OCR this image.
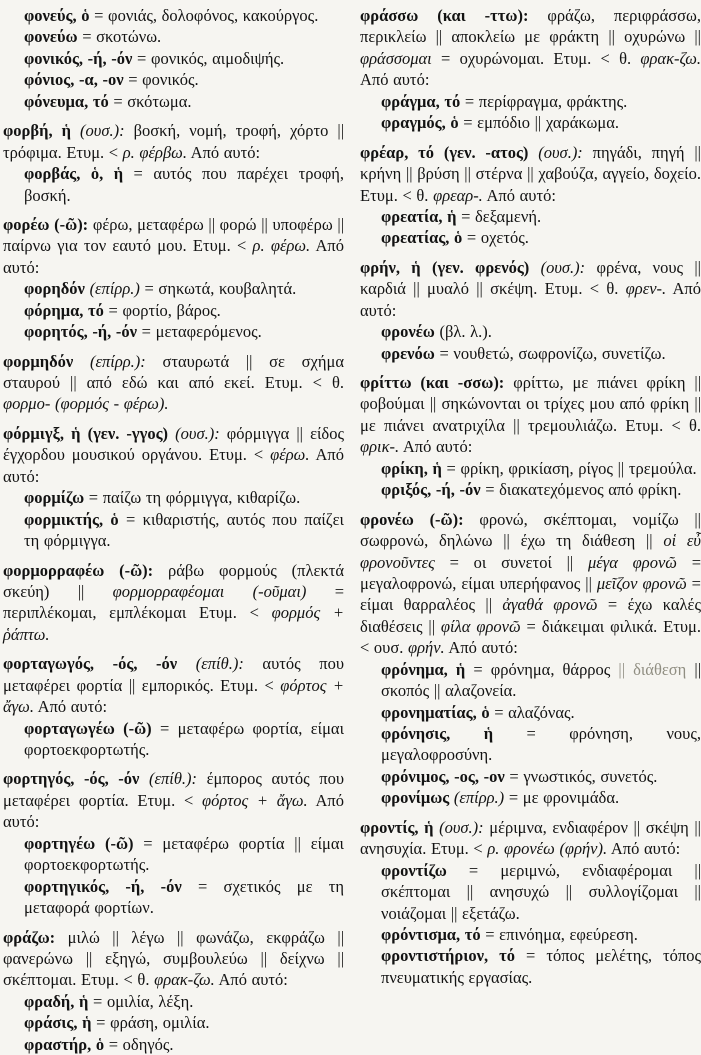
φονεύς, ὁ = φονιάς, δολοφόνος, κακούργος.

φονεύω = σκοτώνω.

φονικός, -ή, -όν = φονικός, αιμοδιψής.

φόνιος, -α, -ον = φονικός.

φόνευμα, τό = σκότωμα.

φορβή, ἡ (ουσ.): βοσκή, νομή, τροφή, χόρτο || τρόφιμα. Ετυμ. < ρ. φέρβω. Από αυτό:

φορβάς, ὁ, ἡ = αυτός που παρέχει τροφή, βοσκή.

φορέω (-ῶ): φέρω, μεταφέρω || φορώ || υποφέρω || παίρνω για τον εαυτό μου. Ετυμ. < ρ. φέρω. Από αυτό:

φορηδόν (επίρρ.) = σηκωτά, κουβαλητά.

φόρημα, τό = φορτίο, βάρος.

φορητός, -ή, -όν = μεταφερόμενος.

φορμηδόν (επίρρ.): σταυρωτά || σε σχήμα σταυρού || από εδώ και από εκεί. Ετυμ. < θ. φορμο- (φορμός - φέρω).

φόρμιγξ, ἡ (γεν. -γγος) (ουσ.): φόρμιγγα || είδος έγχορδου μουσικού οργάνου. Ετυμ. < φέρω. Από αυτό:

φορμίζω = παίζω τη φόρμιγγα, κιθαρίζω.

φορμικτής, ὁ = κιθαριστής, αυτός που παίζει τη φόρμιγγα.

φορμορραφέω (-ῶ): ράβω φορμούς (πλεκτά σκεύη) || φορμορραφέομαι (-οῦμαι) = περιπλέκομαι, εμπλέκομαι Ετυμ. < φορμός + ῥάπτω.

φορταγωγός, -ός, -όν (επίθ.): αυτός που μεταφέρει φορτία || εμπορικός. Ετυμ. < φόρτος + ἄγω. Από αυτό:

φορταγωγέω (-ῶ) = μεταφέρω φορτία, είμαι φορτοεκφορτωτής.

φορτηγός, -ός, -όν (επίθ.): έμπορος αυτός που μεταφέρει φορτία. Ετυμ. < φόρτος + ἄγω. Από αυτό:

φορτηγέω (-ῶ) = μεταφέρω φορτία || είμαι φορτοεκφορτωτής.

φορτηγικός, -ή, -όν = σχετικός με τη μεταφορά φορτίων.

φράζω: μιλώ || λέγω || φωνάζω, εκφράζω || φανερώνω || εξηγώ, συμβουλεύω || δείχνω || σκέπτομαι. Ετυμ. < θ. φρακ-ζω. Από αυτό:

φραδή, ἡ = ομιλία, λέξη.

φράσις, ἡ = φράση, ομιλία.

φραστήρ, ὁ = οδηγός.

φράσσω (και -ττω): φράζω, περιφράσσω, περικλείω || αποκλείω με φράκτη || οχυρώνω || φράσσομαι = οχυρώνομαι. Ετυμ. < θ. φρακ-ζω. Από αυτό:

φράγμα, τό = περίφραγμα, φράκτης.

φραγμός, ὁ = εμπόδιο || χαράκωμα.

φρέαρ, τό (γεν. -ατος) (ουσ.): πηγάδι, πηγή || κρήνη || βρύση || στέρνα || χαβούζα, αγγείο, δοχείο. Ετυμ. < θ. φρεαρ-. Από αυτό:

φρεατία, ἡ = δεξαμενή.

φρεατίας, ὁ = οχετός.

φρήν, ἡ (γεν. φρενός) (ουσ.): φρένα, νους || καρδιά || μυαλό || σκέψη. Ετυμ. < θ. φρεν-. Από αυτό:

φρονέω (βλ. λ.).

φρενόω = νουθετώ, σωφρονίζω, συνετίζω.

φρίττω (και -σσω): φρίττω, με πιάνει φρίκη || φοβούμαι || σηκώνονται οι τρίχες μου από φρίκη || με πιάνει ανατριχίλα || τρεμουλιάζω. Ετυμ. < θ. φρικ-. Από αυτό:

φρίκη, ἡ = φρίκη, φρικίαση, ρίγος || τρεμούλα.

φριξός, -ή, -όν = διακατεχόμενος από φρίκη.

φρονέω (-ῶ): φρονώ, σκέπτομαι, νομίζω || σωφρονώ, δηλώνω || έχω τη διάθεση || οἱ εὖ φρονοῦντες = οι συνετοί || μέγα φρονῶ = μεγαλοφρονώ, είμαι υπερήφανος || μεῖζον φρονῶ = είμαι θαρραλέος || ἀγαθά φρονῶ = έχω καλές διαθέσεις || φίλα φρονῶ = διάκειμαι φιλικά. Ετυμ. < ουσ. φρήν. Από αυτό:

φρόνημα, ἡ = φρόνημα, θάρρος || διάθεση || σκοπός || αλαζονεία.

φρονηματίας, ὁ = αλαζόνας.

φρόνησις, ἡ = φρόνηση, νους, μεγαλοφροσύνη.

φρόνιμος, -ος, -ον = γνωστικός, συνετός.

φρονίμως (επίρρ.) = με φρονιμάδα.

φροντίς, ἡ (ουσ.): μέριμνα, ενδιαφέρον || σκέψη || ανησυχία. Ετυμ. < ρ. φρονέω (φρήν). Από αυτό:

φροντίζω = μεριμνώ, ενδιαφέρομαι || σκέπτομαι || ανησυχώ || συλλογίζομαι || νοιάζομαι || εξετάζω.

φρόντισμα, τό = επινόημα, εφεύρεση.

φροντιστήριον, τό = τόπος μελέτης, τόπος πνευματικής εργασίας.
